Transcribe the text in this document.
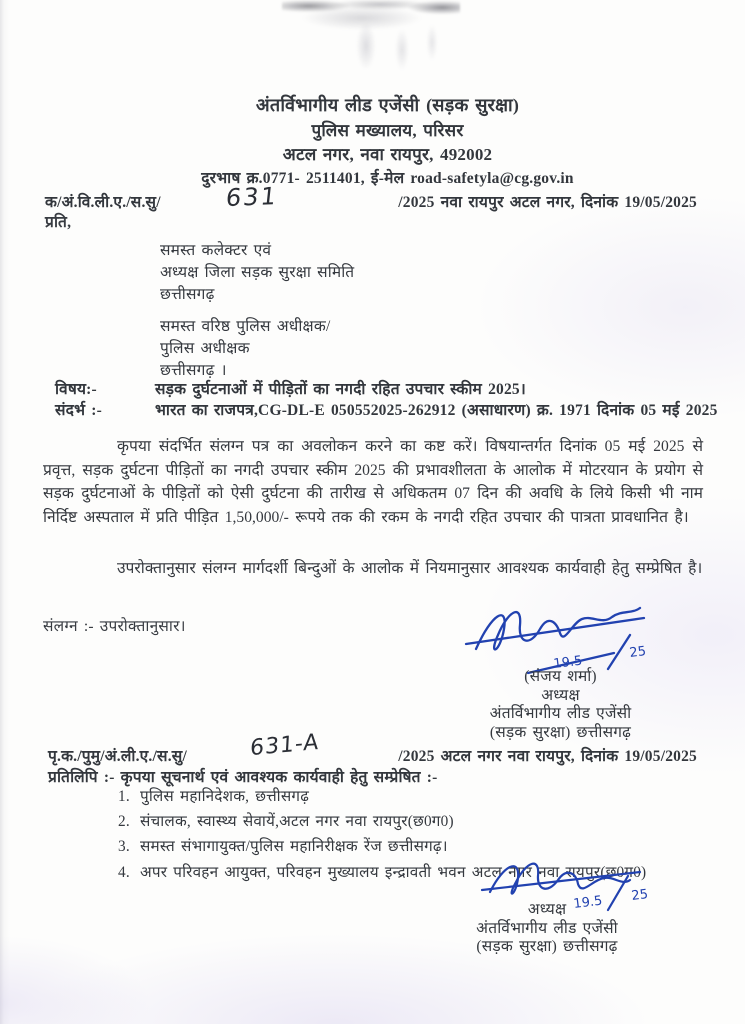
अंतर्विभागीय लीड एजेंसी (सड़क सुरक्षा)
पुलिस मख्यालय, परिसर
अटल नगर, नवा रायपुर, 492002
दुरभाष क्र.0771- 2511401, ई-मेल road-safetyla@cg.gov.in
क/अं.वि.ली.ए./स.सु/	/2025 नवा रायपुर अटल नगर, दिनांक 19/05/2025
631
प्रति,
समस्त कलेक्टर एवं
अध्यक्ष जिला सड़क सुरक्षा समिति
छत्तीसगढ़
समस्त वरिष्ठ पुलिस अधीक्षक/
पुलिस अधीक्षक
छत्तीसगढ़ ।
विषय:-	सड़क दुर्घटनाओं में पीड़ितों का नगदी रहित उपचार स्कीम 2025।
संदर्भ :-	भारत का राजपत्र,CG-DL-E 050552025-262912 (असाधारण) क्र. 1971 दिनांक 05 मई 2025

कृपया संदर्भित संलग्न पत्र का अवलोकन करने का कष्ट करें। विषयान्तर्गत दिनांक 05 मई 2025 से प्रवृत्त, सड़क दुर्घटना पीड़ितों का नगदी उपचार स्कीम 2025 की प्रभावशीलता के आलोक में मोटरयान के प्रयोग से सड़क दुर्घटनाओं के पीड़ितों को ऐसी दुर्घटना की तारीख से अधिकतम 07 दिन की अवधि के लिये किसी भी नाम निर्दिष्ट अस्पताल में प्रति पीड़ित 1,50,000/- रूपये तक की रकम के नगदी रहित उपचार की पात्रता प्रावधानित है।

उपरोक्तानुसार संलग्न मार्गदर्शी बिन्दुओं के आलोक में नियमानुसार आवश्यक कार्यवाही हेतु सम्प्रेषित है।

संलग्न :- उपरोक्तानुसार।
19.5
25
(संजय शर्मा)
अध्यक्ष
अंतर्विभागीय लीड एजेंसी
(सड़क सुरक्षा) छत्तीसगढ़
पृ.क./पुमु/अं.ली.ए./स.सु/	/2025 अटल नगर नवा रायपुर, दिनांक 19/05/2025
631-A
प्रतिलिपि :- कृपया सूचनार्थ एवं आवश्यक कार्यवाही हेतु सम्प्रेषित :-
1. पुलिस महानिदेशक, छत्तीसगढ़
2. संचालक, स्वास्थ्य सेवायें,अटल नगर नवा रायपुर(छ0ग0)
3. समस्त संभागायुक्त/पुलिस महानिरीक्षक रेंज छत्तीसगढ़।
4. अपर परिवहन आयुक्त, परिवहन मुख्यालय इन्द्रावती भवन अटल नगर नवा रायपुर(छ0ग0)
19.5 25
अध्यक्ष
अंतर्विभागीय लीड एजेंसी
(सड़क सुरक्षा) छत्तीसगढ़
